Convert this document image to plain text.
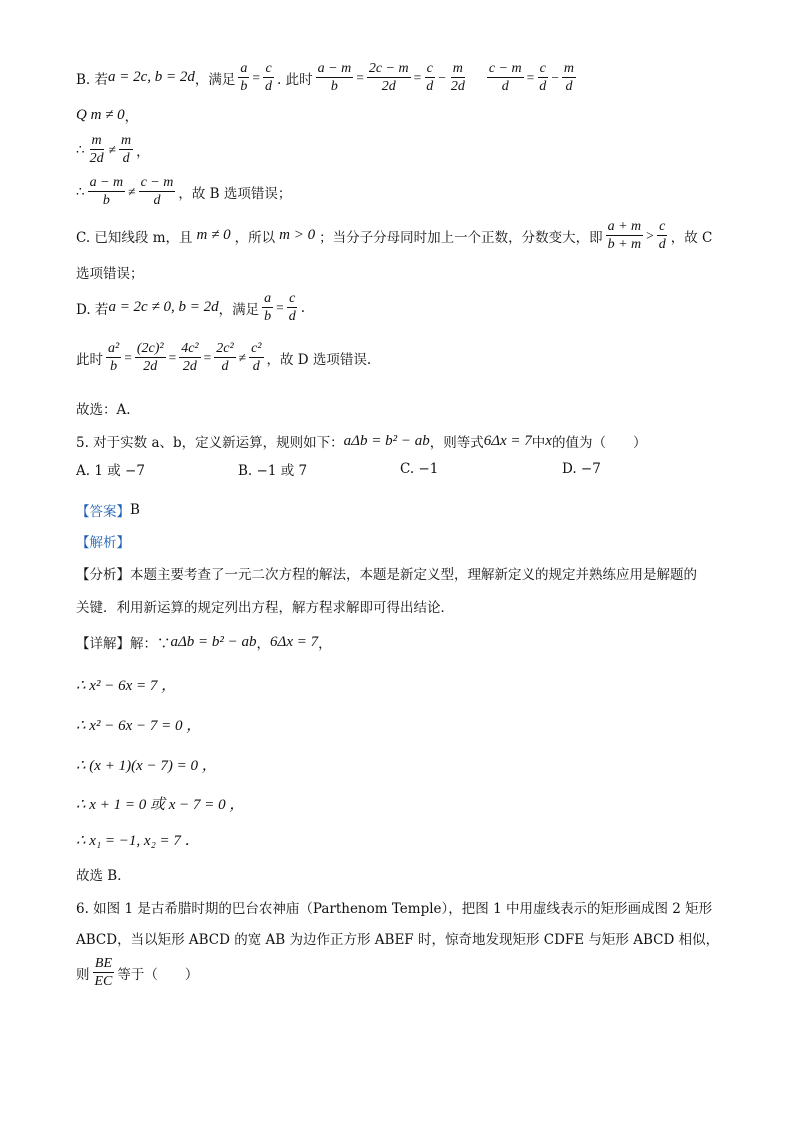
B. 若 a = 2c, b = 2d ，满足 $\frac{a}{b} = \frac{c}{d}$ . 此时 $\frac{a - m}{b} = \frac{2c - m}{2d} = \frac{c}{d} - \frac{m}{2d} \frac{c - m}{d} = \frac{c}{d} - \frac{m}{d}$
Q m ≠ 0 ，
∴ $\frac{m}{2d} \ne \frac{m}{d}$ ，
∴ $\frac{a - m}{b} \ne \frac{c - m}{d}$ ，故 B 选项错误；
C. 已知线段 m，且 m ≠ 0 ，所以 m > 0 ；当分子分母同时加上一个正数，分数变大，即 $\frac{a + m}{b + m} > \frac{c}{d}$ ，故 C
选项错误；
D. 若 a = 2c ≠ 0, b = 2d ，满足 $\frac{a}{b} = \frac{c}{d}$ .
此时 $\frac{\text{a²}}{b} = \frac{\text{(2c)²}}{2d} = \frac{\text{4c²}}{2d} = \frac{\text{2c²}}{d} \ne \frac{\text{c²}}{d}$ ，故 D 选项错误.
故选：A.
5. 对于实数 a、b，定义新运算，规则如下： aΔb = b² − ab ，则等式 6Δx = 7 中 x 的值为（　　）
A. 1 或 −7	B. −1 或 7	C. −1	D. −7
【答案】 B
【解析】
【分析】 本题主要考查了一元二次方程的解法，本题是新定义型，理解新定义的规定并熟练应用是解题的
关键．利用新运算的规定列出方程，解方程求解即可得出结论．
【详解】 解：∵ aΔb = b² − ab ， 6Δx = 7 ，
∴ x² − 6x = 7 ，
∴ x² − 6x − 7 = 0 ，
∴ (x + 1)(x − 7) = 0 ，
∴ x + 1 = 0 或 x − 7 = 0 ，
∴ x₁ = −1, x₂ = 7 ．
故选 B．
6. 如图 1 是古希腊时期的巴台农神庙（Parthenom Temple），把图 1 中用虚线表示的矩形画成图 2 矩形
ABCD，当以矩形 ABCD 的宽 AB 为边作正方形 ABEF 时，惊奇地发现矩形 CDFE 与矩形 ABCD 相似，
则 $\frac{BE}{EC}$ 等于（　　）
